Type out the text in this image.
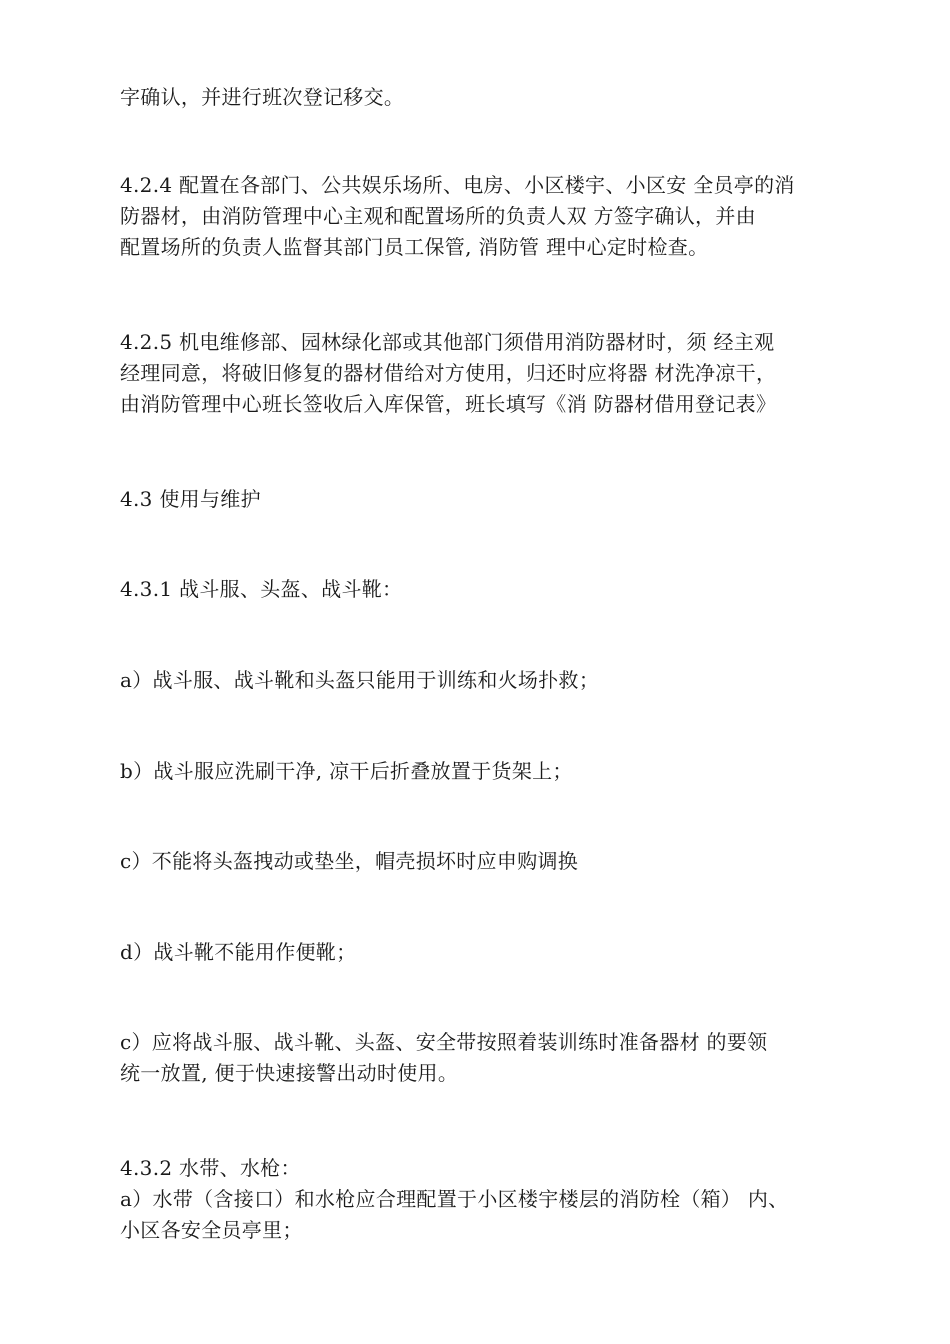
字确认，并进行班次登记移交。

4.2.4 配置在各部门、公共娱乐场所、电房、小区楼宇、小区安 全员亭的消
防器材，由消防管理中心主观和配置场所的负责人双 方签字确认，并由
配置场所的负责人监督其部门员工保管, 消防管 理中心定时检查。

4.2.5 机电维修部、园林绿化部或其他部门须借用消防器材时，须 经主观
经理同意，将破旧修复的器材借给对方使用，归还时应将器 材洗净凉干，
由消防管理中心班长签收后入库保管，班长填写《消 防器材借用登记表》

4.3 使用与维护

4.3.1 战斗服、头盔、战斗靴：

a）战斗服、战斗靴和头盔只能用于训练和火场扑救；

b）战斗服应洗刷干净, 凉干后折叠放置于货架上；

c）不能将头盔拽动或垫坐，帽壳损坏时应申购调换

d）战斗靴不能用作便靴；

c）应将战斗服、战斗靴、头盔、安全带按照着装训练时准备器材 的要领
统一放置, 便于快速接警出动时使用。

4.3.2 水带、水枪：
a）水带（含接口）和水枪应合理配置于小区楼宇楼层的消防栓（箱） 内、
小区各安全员亭里；
